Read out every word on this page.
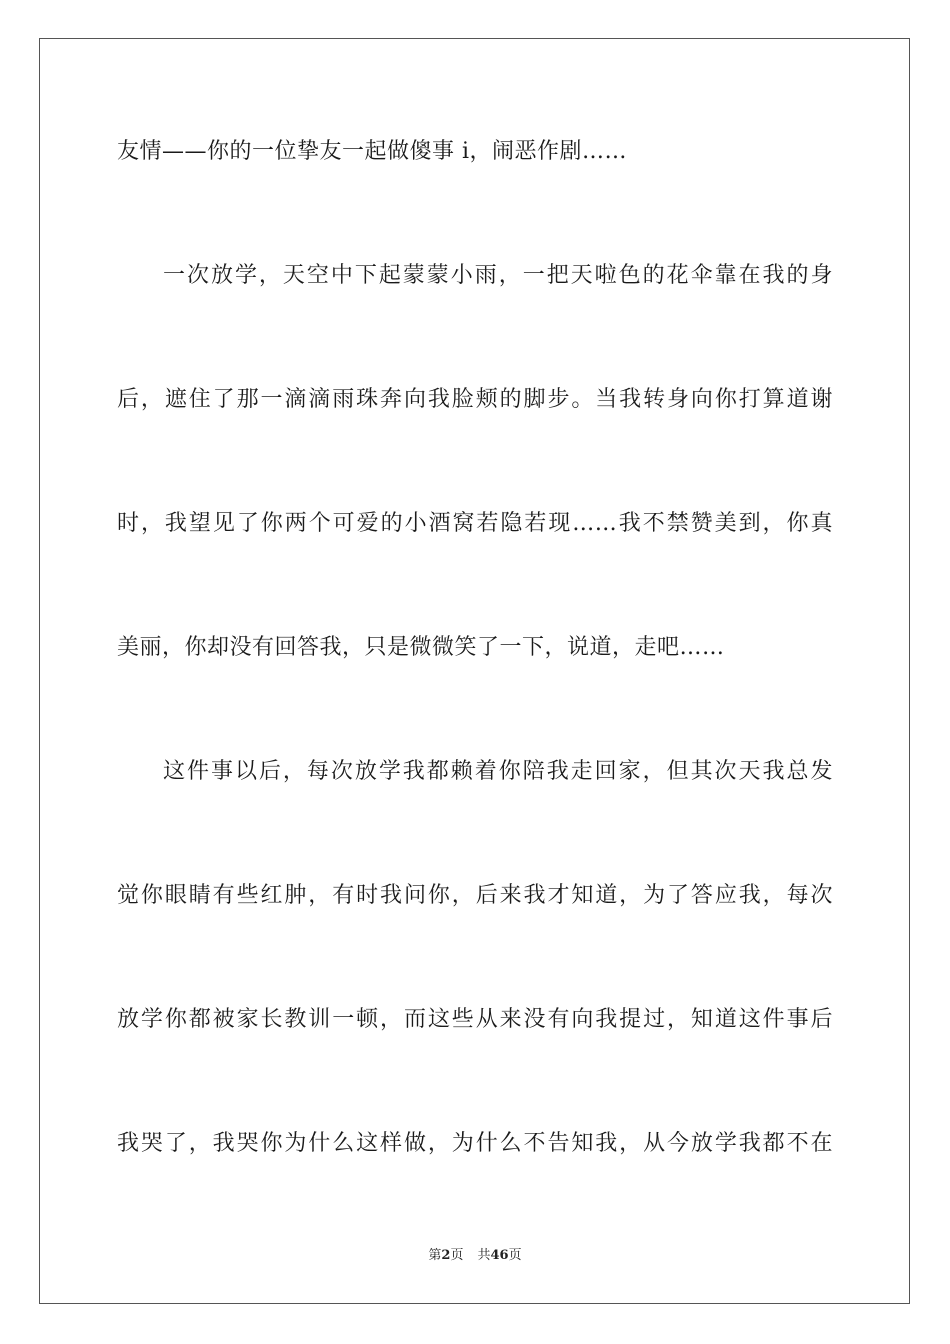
友情——你的一位挚友一起做傻事 i，闹恶作剧……
一次放学，天空中下起蒙蒙小雨，一把天啦色的花伞靠在我的身
后，遮住了那一滴滴雨珠奔向我脸颊的脚步。当我转身向你打算道谢
时，我望见了你两个可爱的小酒窝若隐若现……我不禁赞美到，你真
美丽，你却没有回答我，只是微微笑了一下，说道，走吧……
这件事以后，每次放学我都赖着你陪我走回家，但其次天我总发
觉你眼睛有些红肿，有时我问你，后来我才知道，为了答应我，每次
放学你都被家长教训一顿，而这些从来没有向我提过，知道这件事后
我哭了，我哭你为什么这样做，为什么不告知我，从今放学我都不在
第2页 共46页
